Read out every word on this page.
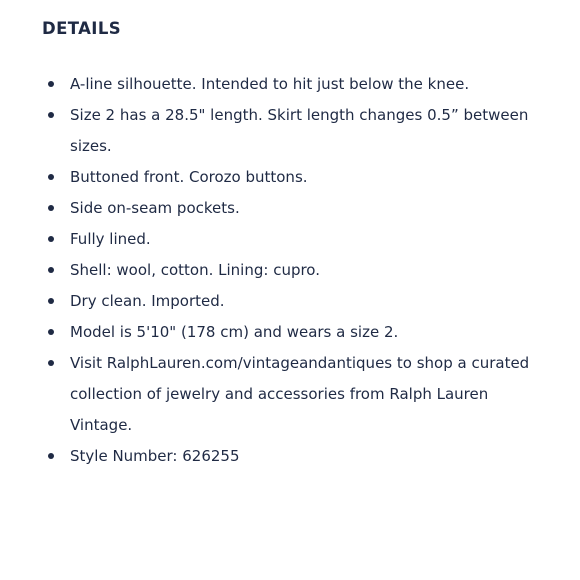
DETAILS
A-line silhouette. Intended to hit just below the knee.
Size 2 has a 28.5" length. Skirt length changes 0.5” between
sizes.
Buttoned front. Corozo buttons.
Side on-seam pockets.
Fully lined.
Shell: wool, cotton. Lining: cupro.
Dry clean. Imported.
Model is 5'10" (178 cm) and wears a size 2.
Visit RalphLauren.com/vintageandantiques to shop a curated
collection of jewelry and accessories from Ralph Lauren
Vintage.
Style Number: 626255
